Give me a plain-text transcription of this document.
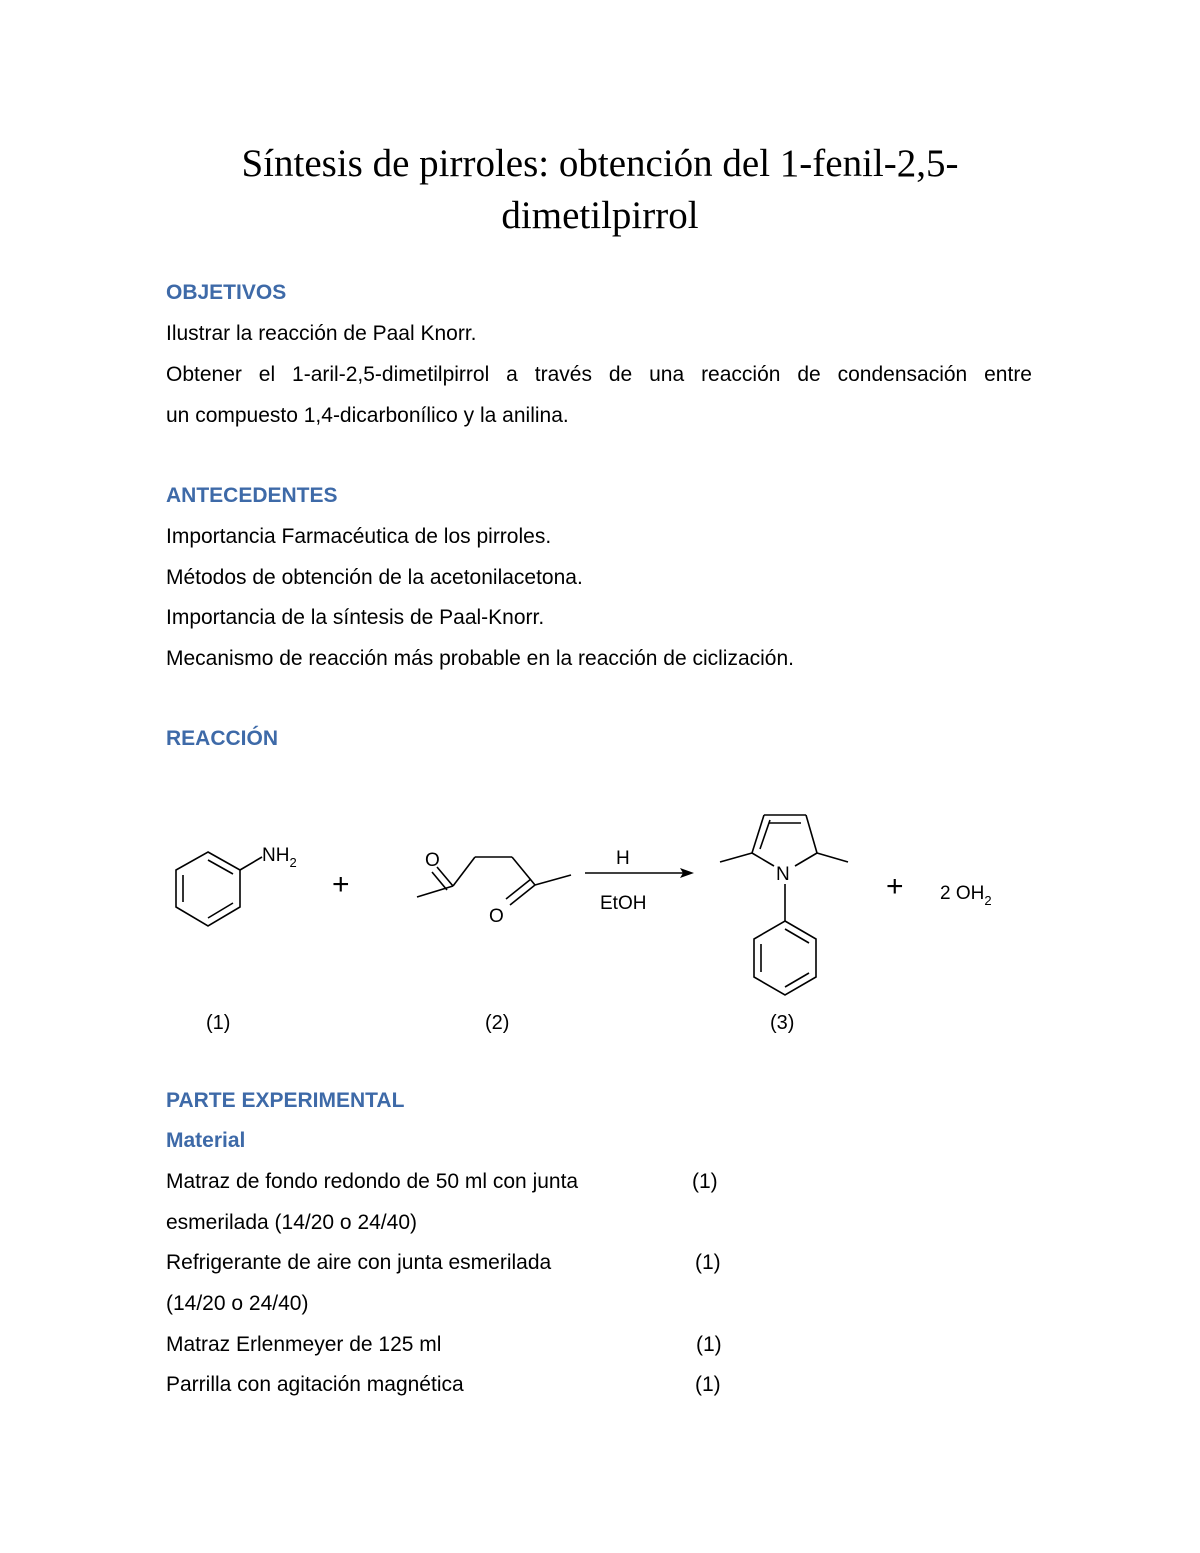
Síntesis de pirroles: obtención del 1-fenil-2,5-
dimetilpirrol
OBJETIVOS
Ilustrar la reacción de Paal Knorr.
Obtener el 1-aril-2,5-dimetilpirrol a través de una reacción de condensación entre
un compuesto 1,4-dicarbonílico y la anilina.
ANTECEDENTES
Importancia Farmacéutica de los pirroles.
Métodos de obtención de la acetonilacetona.
Importancia de la síntesis de Paal-Knorr.
Mecanismo de reacción más probable en la reacción de ciclización.
REACCIÓN
$NH_2$
+
O
O
H
EtOH
N	+ 2 $OH_2$
(1)	(2)	(3)
PARTE EXPERIMENTAL
Material
Matraz de fondo redondo de 50 ml con junta	(1)
esmerilada (14/20 o 24/40)
Refrigerante de aire con junta esmerilada	(1)
(14/20 o 24/40)
Matraz Erlenmeyer de 125 ml	(1)
Parrilla con agitación magnética	(1)
